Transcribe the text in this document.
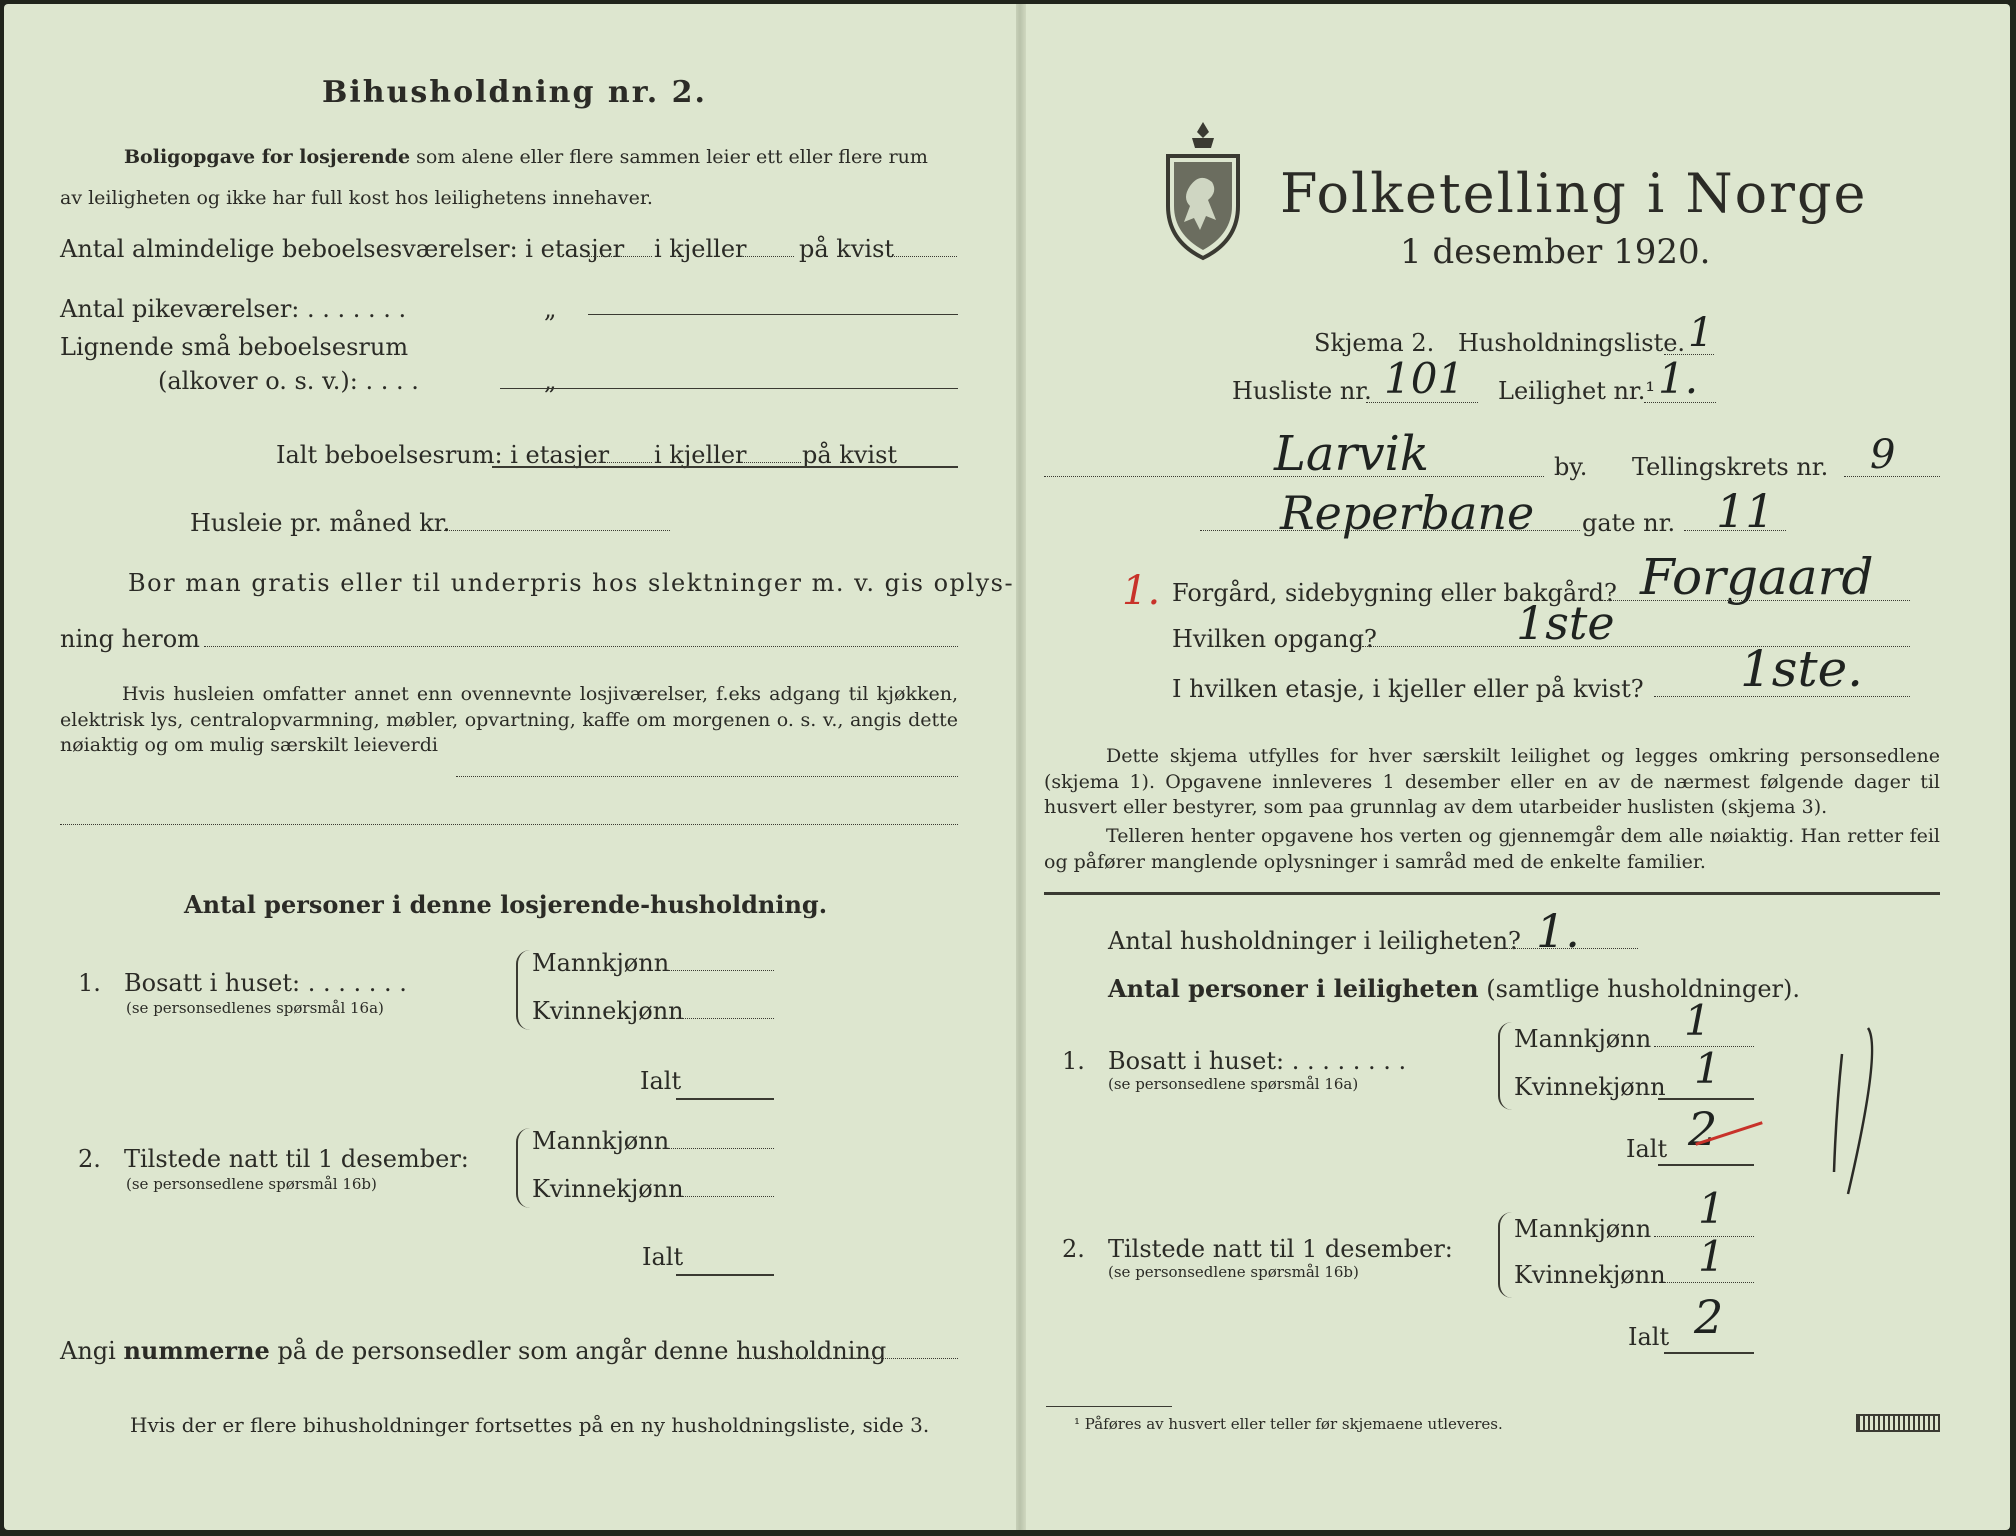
Bihusholdning nr. 2.
Boligopgave for losjerende som alene eller flere sammen leier ett eller flere rum
av leiligheten og ikke har full kost hos leilighetens innehaver.
Antal almindelige beboelsesværelser: i etasjer i kjeller på kvist
Antal pikeværelser: . . . . . . .	„
Lignende små beboelsesrum
(alkover o. s. v.): . . . .	„
Ialt beboelsesrum: i etasjer i kjeller på kvist
Husleie pr. måned kr.
Bor man gratis eller til underpris hos slektninger m. v. gis oplys-
ning herom
Hvis husleien omfatter annet enn ovennevnte losjiværelser, f.eks adgang til kjøkken, elektrisk lys, centralopvarmning, møbler, opvartning, kaffe om morgenen o. s. v., angis dette nøiaktig og om mulig særskilt leieverdi
Antal personer i denne losjerende-husholdning.
1. Bosatt i huset: . . . . . . .
(se personsedlenes spørsmål 16a)
Mannkjønn
Kvinnekjønn
Ialt
2. Tilstede natt til 1 desember:
(se personsedlene spørsmål 16b)
Mannkjønn
Kvinnekjønn
Ialt
Angi nummerne på de personsedler som angår denne husholdning
Hvis der er flere bihusholdninger fortsettes på en ny husholdningsliste, side 3.
Folketelling i Norge
1 desember 1920.
Skjema 2. Husholdningsliste. 1
Husliste nr. 101 Leilighet nr.¹ 1.
Larvik	by. Tellingskrets nr. 9
Reperbane gate nr. 11
1. Forgård, sidebygning eller bakgård? Forgaard
Hvilken opgang?	1ste
I hvilken etasje, i kjeller eller på kvist? 1ste.
Dette skjema utfylles for hver særskilt leilighet og legges omkring personsedlene (skjema 1). Opgavene innleveres 1 desember eller en av de nærmest følgende dager til husvert eller bestyrer, som paa grunnlag av dem utarbeider huslisten (skjema 3).
Telleren henter opgavene hos verten og gjennemgår dem alle nøiaktig. Han retter feil og påfører manglende oplysninger i samråd med de enkelte familier.
Antal husholdninger i leiligheten? 1.
Antal personer i leiligheten (samtlige husholdninger).
1. Bosatt i huset: . . . . . . . .
(se personsedlene spørsmål 16a)
Mannkjønn 1
Kvinnekjønn 1
Ialt 2
2. Tilstede natt til 1 desember:
(se personsedlene spørsmål 16b)
Mannkjønn 1
Kvinnekjønn 1
Ialt 2
¹ Påføres av husvert eller teller før skjemaene utleveres.
